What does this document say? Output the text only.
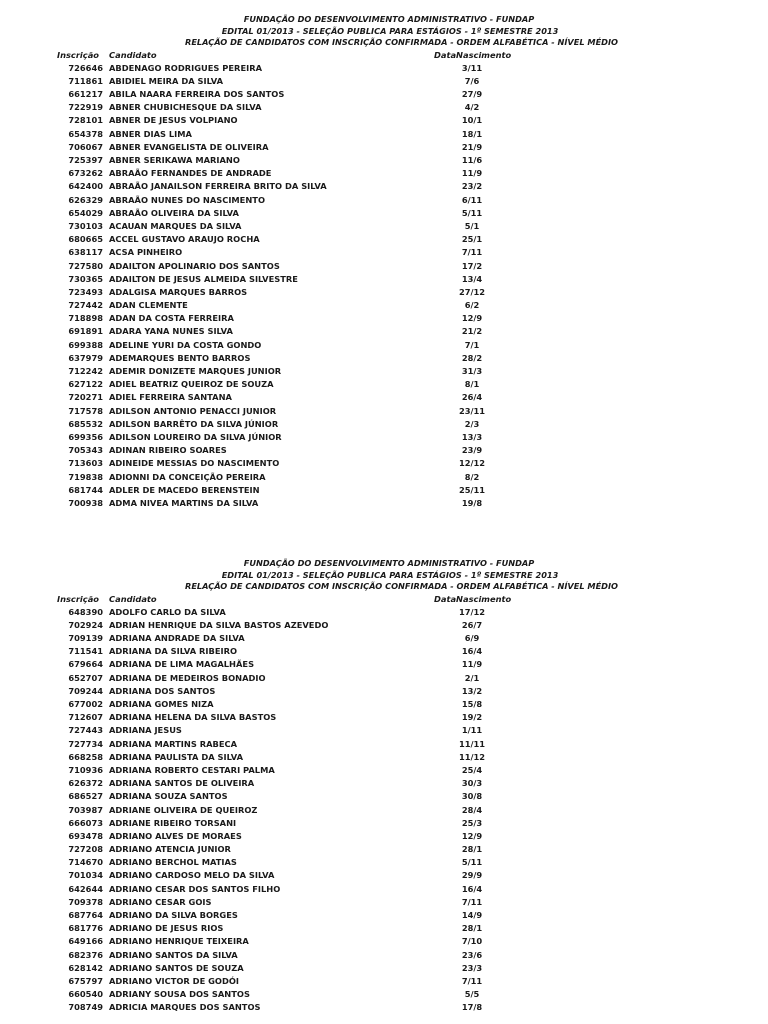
FUNDAÇÃO DO DESENVOLVIMENTO ADMINISTRATIVO - FUNDAP
EDITAL 01/2013 - SELEÇÃO PUBLICA PARA ESTÁGIOS - 1º SEMESTRE 2013
RELAÇÃO DE CANDIDATOS COM INSCRIÇÃO CONFIRMADA - ORDEM ALFABÉTICA - NÍVEL MÉDIO
Inscrição Candidato	DataNascimento
726646 ABDENAGO RODRIGUES PEREIRA	3/11
711861 ABIDIEL MEIRA DA SILVA	7/6
661217 ABILA NAARA FERREIRA DOS SANTOS	27/9
722919 ABNER CHUBICHESQUE DA SILVA	4/2
728101 ABNER DE JESUS VOLPIANO	10/1
654378 ABNER DIAS LIMA	18/1
706067 ABNER EVANGELISTA DE OLIVEIRA	21/9
725397 ABNER SERIKAWA MARIANO	11/6
673262 ABRAÃO FERNANDES DE ANDRADE	11/9
642400 ABRAÃO JANAILSON FERREIRA BRITO DA SILVA	23/2
626329 ABRAÃO NUNES DO NASCIMENTO	6/11
654029 ABRAÃO OLIVEIRA DA SILVA	5/11
730103 ACAUAN MARQUES DA SILVA	5/1
680665 ACCEL GUSTAVO ARAUJO ROCHA	25/1
638117 ACSA PINHEIRO	7/11
727580 ADAILTON APOLINARIO DOS SANTOS	17/2
730365 ADAILTON DE JESUS ALMEIDA SILVESTRE	13/4
723493 ADALGISA MARQUES BARROS	27/12
727442 ADAN CLEMENTE	6/2
718898 ADAN DA COSTA FERREIRA	12/9
691891 ADARA YANA NUNES SILVA	21/2
699388 ADELINE YURI DA COSTA GONDO	7/1
637979 ADEMARQUES BENTO BARROS	28/2
712242 ADEMIR DONIZETE MARQUES JUNIOR	31/3
627122 ADIEL BEATRIZ QUEIROZ DE SOUZA	8/1
720271 ADIEL FERREIRA SANTANA	26/4
717578 ADILSON ANTONIO PENACCI JUNIOR	23/11
685532 ADILSON BARRÊTO DA SILVA JÚNIOR	2/3
699356 ADILSON LOUREIRO DA SILVA JÚNIOR	13/3
705343 ADINAN RIBEIRO SOARES	23/9
713603 ADINEIDE MESSIAS DO NASCIMENTO	12/12
719838 ADIONNI DA CONCEIÇÃO PEREIRA	8/2
681744 ADLER DE MACEDO BERENSTEIN	25/11
700938 ADMA NIVEA MARTINS DA SILVA	19/8
FUNDAÇÃO DO DESENVOLVIMENTO ADMINISTRATIVO - FUNDAP
EDITAL 01/2013 - SELEÇÃO PUBLICA PARA ESTÁGIOS - 1º SEMESTRE 2013
RELAÇÃO DE CANDIDATOS COM INSCRIÇÃO CONFIRMADA - ORDEM ALFABÉTICA - NÍVEL MÉDIO
Inscrição Candidato	DataNascimento
648390 ADOLFO CARLO DA SILVA	17/12
702924 ADRIAN HENRIQUE DA SILVA BASTOS AZEVEDO	26/7
709139 ADRIANA ANDRADE DA SILVA	6/9
711541 ADRIANA DA SILVA RIBEIRO	16/4
679664 ADRIANA DE LIMA MAGALHÃES	11/9
652707 ADRIANA DE MEDEIROS BONADIO	2/1
709244 ADRIANA DOS SANTOS	13/2
677002 ADRIANA GOMES NIZA	15/8
712607 ADRIANA HELENA DA SILVA BASTOS	19/2
727443 ADRIANA JESUS	1/11
727734 ADRIANA MARTINS RABECA	11/11
668258 ADRIANA PAULISTA DA SILVA	11/12
710936 ADRIANA ROBERTO CESTARI PALMA	25/4
626372 ADRIANA SANTOS DE OLIVEIRA	30/3
686527 ADRIANA SOUZA SANTOS	30/8
703987 ADRIANE OLIVEIRA DE QUEIROZ	28/4
666073 ADRIANE RIBEIRO TORSANI	25/3
693478 ADRIANO ALVES DE MORAES	12/9
727208 ADRIANO ATENCIA JUNIOR	28/1
714670 ADRIANO BERCHOL MATIAS	5/11
701034 ADRIANO CARDOSO MELO DA SILVA	29/9
642644 ADRIANO CESAR DOS SANTOS FILHO	16/4
709378 ADRIANO CESAR GOIS	7/11
687764 ADRIANO DA SILVA BORGES	14/9
681776 ADRIANO DE JESUS RIOS	28/1
649166 ADRIANO HENRIQUE TEIXEIRA	7/10
682376 ADRIANO SANTOS DA SILVA	23/6
628142 ADRIANO SANTOS DE SOUZA	23/3
675797 ADRIANO VICTOR DE GODÓI	7/11
660540 ADRIANY SOUSA DOS SANTOS	5/5
708749 ADRICIA MARQUES DOS SANTOS	17/8
